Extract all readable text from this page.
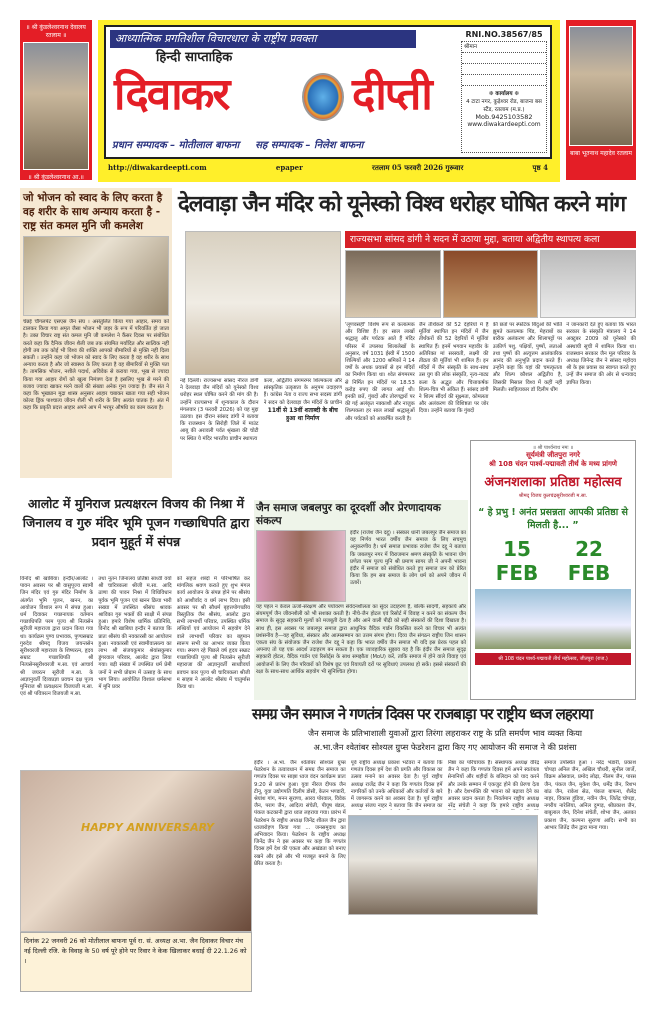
॥ श्री कुंडलेश्वरनाथ देवालय रतलाम ॥
॥ श्री कुंडलेश्वरनाथ आ.॥
आध्यात्मिक प्रगतिशील विचारधारा के राष्ट्रीय प्रवक्ता
हिन्दी साप्ताहिक
दिवाकर	दीप्ती
प्रधान सम्पादक – मोतीलाल बाफना सह सम्पादक – निलेश बाफना
RNI.NO.38567/85
श्रीमान
❉ कार्यालय ❉
4 टाटा नगर, कुड़ेश्वर रोड, बाजना बस स्टैंड, रतलाम (म.प्र.)
Mob.9425103582
www.diwakardeepti.com
http://diwakardeepti.com	epaper	रतलाम 05 फरवरी 2026 गुरूवार	पृष्ठ 4
बाबा भूतनाथ महादेव रतलाम
जो भोजन को स्वाद के लिए करता है वह शरीर के साथ अन्याय करता है - राष्ट्र संत कमल मुनि जी कमलेश
चेन्नई चौगलपेट एसएस जैन संघ । असंतुलित किया गया आहार, समय को टालकर किया गया अमृत जैसा भोजन भी जहर के रूप में परिवर्तित हो जाता है। उक्त विचार राष्ट्र संत कमल मुनि जी कमलेश ने कैंसर दिवस पर संबोधित करते कहा कि दैनिक जीवन शैली जब तक संयमित मर्यादित और सात्विक नहीं होगी तब तक कोई भी विश्व की शक्ति आपको बीमारियों से मुक्ति नहीं दिला सकती । उन्होंने कहा जो भोजन को स्वाद के लिए करता है वह शरीर के साथ अन्याय करता है और जो स्वास्थ्य के लिए करता है वह बीमारियों से मुक्ति पता है। तामसिक भोजन, नशीले पदार्थ, अविवेक से कराया गया, भूख से ज्यादा किया गया आहार रोगों को खुला निमंत्रण देता है इसलिए भूख से मरने की बजाय ज्यादा खाकर मरने वालों की संख्या अनेक गुना ज्यादा है। जैन संत ने कहा कि भूखप्रान मुद्रा शास्त्र अनुसार आहार चबाकर खाता गया सही भोजन कोल्ड ड्रिंक पाश्चात्य जीवन शैली भी शरीर के लिए अत्यंत घातक है। अंत में कहा कि प्रकृति प्रदत्त आहार अपने आप में भरपूर औषधि का काम करता है।
देलवाड़ा जैन मंदिर को यूनेस्को विश्व धरोहर घोषित करने मांग
राज्यसभा सांसद डांगी ने सदन में उठाया मुद्दा, बताया अद्वितीय स्थापत्य कला
'लूणवसही' विशेष रूप से कलात्मक और विशिष्ट हैं। हर साल लाखों श्रद्धालु और पर्यटक आते हैं मंदिर परिसर में उपलब्ध शिलालेखों के अनुसार, वर्ष 1031 ईस्वी में 1500 शिल्पियों और 1200 श्रमिकों ने 14 वर्षों के अथक प्रयासों से इन मंदिरों का निर्माण किया था। श्वेत संगमरमर से निर्मित इन मंदिरों पर 18.53 करोड़ रुपए की लागत आई थी। इनकी छतें, गुंबदों और तोरणद्वारों पर की गई अलंकृत नक्काशी और नाजुक शिल्पकला हर साल लाखों श्रद्धालुओं और पर्यटकों को आकर्षित करती है।
जैन तीर्थंकरों की 52 देहरियों में हैं मूर्तियां स्थापित इन मंदिरों में जैन तीर्थंकरों की 52 देहरियों में मूर्तियां स्थापित हैं। इनमें भगवान महावीर के अतिरिक्त मां सरस्वती, लक्ष्मी की तीव्रता की मूर्तियां भी शामिल हैं। इन मंदिरों में जैन संस्कृति के साथ-साथ उस युग की लोक संस्कृति, नृत्य-नाट्य कला के अद्भुत और चित्ताकर्षक शिल्प-चित्र भी अंकित हैं। सांसद डांगी ने शिल्प सौंदर्य की सूक्ष्मता, कोमलता और अलंकरण की विशिष्टता पर जोर दिया। उन्होंने बताया कि गुंबदों
की छतों पर स्फटिक बिंदुओं की भांति झूमते कलात्मक पिंड, मेहराबों का बारीक अलंकरण और शिलापट्टों पर उत्कीर्ण पशु, पक्षियों, पुष्पों, लताओं तथा पुष्पों की अत्युत्तम आलंकारिक आनंद की अनुभूति प्रदान करते हैं। उन्होंने कहा कि यहां की चमत्कृतता और शिल्प कौशल अद्वितीय है, जिसकी मिसाल विश्व में कहीं नहीं मिलती। साहित्यकार डॉ दिलीप धींग
ने जानकारी देते हुए बताया कि भारत सरकार के संस्कृति मंत्रालय ने 14 अक्टूबर 2009 को यूनेस्को की अस्थायी सूची में शामिल किया था। राजस्थान सरकार जैन मूल परिवार के अध्यक्ष जिनेन्द्र जैन ने सांसद महोदय श्री के इस प्रयास का स्वागत करते हुए उन्हें जैन समाज की ओर से धन्यवाद ज्ञापित किया।
नई दिल्ली। राज्यसभा सांसद नीरज डांगी ने देलवाड़ा जैन मंदिरों को यूनेस्को विश्व धरोहर स्थल घोषित करने की मांग की है। उन्होंने राज्यसभा में शून्यकाल के दौरान मंगलवार (3 फरवरी 2026) को यह मुद्दा उठाया। इस दौरान सांसद डांगी ने बताया कि राजस्थान के सिरोही जिले में माउंट आबू की अरावली पर्वत श्रृंखला की चोटी पर स्थित ये मंदिर भारतीय प्राचीन स्थापत्य
कला, अद्वितीय संगमरमर शिल्पकला और सांस्कृतिक उत्कृष्टता के अनुपम उदाहरण हैं। कांग्रेस नेता व राज्य सभा सदस्य डांगी ने सदन को देलवाड़ा जैन मंदिरों के प्राचीन
11वीं से 13वीं शताब्दी के बीच हुआ था निर्माण
आलोट में मुनिराज प्रत्यक्षरत्न विजय की निश्रा में जिनालय व गुरु मंदिर भूमि पूजन गच्छाधिपति द्वारा प्रदान मुहूर्त में संपन्न
विनोद श्री खाबिया। इन्दौर/आलोट । पावन अवसर पर श्री वासुपूज्य स्वामी जिन मंदिर एवं गुरु मंदिर निर्माण के अंतर्गत भूमि पूजन, खनन, का आयोजन विशाल रूप में संपन्न हुआ। धर्म दिवाकर गच्छनायक वर्तमान गच्छाधिपति परम पूज्य श्री नित्यसेन सूरीजी महाराजा द्वारा प्रदान किया गया था। कार्यक्रम पुण्य प्रभावक, पुण्यसम्राट गुरुदेव श्रीमद् विजय जयन्तसेन सूरीश्वरजी महाराजा के शिष्यरत्न, हृदय सम्राट गच्छाधिपति श्री नित्यसेनसूरीश्वरजी म.सा. एवं आचार्य श्री जयरत्न सूरीजी म.सा. के आज्ञानुवर्ती दिव्यप्रज्ञा प्रवचन दक्ष पूज्य मुनिराज श्री प्रत्यक्षरत्न विजयजी म.सा. एवं श्री पवित्ररत्न विजयजी म.सा.
तथा नूतन जिनालय प्रतिष्ठा साध्वी वर्या श्री चारित्रकला श्रीजी म.सा. आदि ठाणा की पावन निश्रा में विधिविधान पूर्वक भूमि पूजन एवं खनन क्रिया भारी सख्या में उपस्थित श्रीसंघ श्रावक श्राविका गुरु भक्तों की साक्षी में संपन्न हुआ। हमारे विशेष धार्मिक प्रतिनिधि, विनोद श्री खाबिया इन्दौर ने बताया कि प्रातः श्रीसंघ की नवकारसी का आयोजन हुआ। नवकारसी एवं स्वामीवात्सल्य का लाभ श्री संजयकुमार श्रेयांसकुमार डूंगरवाल परिवार, आलोट द्वारा लिया गया। बड़ी संख्या में उपस्थित धर्म प्रेमी जनों ने सभी प्रोग्राम में उत्साह के साथ भाग लिया। आयोजित विशाल धर्मसभा में मुनि प्रवर
को सहज शब्दों में परिभाषित कर मांगलिक श्रवण कराते हुए शुभ मंगल कार्य आयोजन के संपन्न होने पर श्रीसंघ को आशीर्वाद व धर्म लाभ दिया। इसी अवसर पर श्री सौधर्म बृहत्तपोगच्छीय त्रिस्तुतिक जैन श्रीसंघ, आलोट द्वारा सभी लाभार्थी परिवार, उपस्थित धर्मिक लब्धियों एवं आयोजन में सहयोग देने वाले लाभार्थी परिवार का बहुमान स्वरूप सभी का आभार व्यक्त किया गया। स्मरण रहे पिछले वर्ष हृदय सम्राट गच्छाधिपति पूज्य श्री नित्यसेन सूरीजी महाराजा की आज्ञानुवर्ती साध्वीवर्या प्रवचन कार पूज्य श्री चारित्रकला श्रीजी म साहब ने आलोट श्रीसंघ में चातुर्मास किया था।
जैन समाज जबलपुर का दूरदर्शी और प्रेरणादायक संकल्प
इंदौर (राजेश जैन दद्दू) । संस्कार धानी जबलपुर जैन समाज का यह निर्णय भारत वर्षीय जैन समाज के लिए सचमुच अनुकरणीय है। धर्म समाज प्रभावक राजेश जैन दद्दू ने बताया कि जबलपुर नगर में विराजमान श्रमण संस्कृति के भावना योग प्रणेता परम पूज्य मुनि श्री प्रमाण सागर जी ने अपनी भावना इंदौर में समाज को संबोधित करते हुए समाज जन को प्रेरित किया कि हम सब समाज के लोग धर्म को अपने जीवन में उतारें।
यह पहल न केवल ऊर्जा-संरक्षण और पर्यावरण संवेदनशीलता का सुंदर उदाहरण है, बल्कि सादगी, सहकार्य और संयमपूर्ण जैन जीवनशैली को भी सशक्त करती है। नीचे-जैन होटल एवं रिसोर्ट में विवाह न करने का संकल्प जैन समाज के सुदृढ़ सहकारी मूल्यों को मजबूती देता है और आने वाली पीढ़ी को सही संस्कारों की दिशा दिखाता है। साथ ही, इस अवसर पर जबलपुर समाज द्वारा आधुनिक वैदिक गार्डन विकसित करने का विचार भी अत्यंत प्रशंसनीय है—यह सुविधा, संस्कार और आत्मसम्मान का उत्तम संगम होगा। दिव्य जैन संगठन राष्ट्रीय जिन शासन एकता संघ के संयोजक जैन राजेश जैन दद्दू ने कहा कि भारत वर्षीय जैन समाज भी यदि इस प्रेरक पहल को अपनाए तो यह एक आदर्श उदाहरण बन सकता है। एक व्यावहारिक सुझाव यह है कि इंदौर जैन समाज सुदृढ़ सहकारी होटल, वैदिक गार्डन एवं रिसोर्ट्स के साथ समझौता (MoU) करें, ताकि समाज में होने वाले विवाह एवं आयोजनों के लिए जैन परिवारों को विशेष छूट एवं रियायती दरों पर सुविधाएं उपलब्ध हो सकें। इससे संस्कारों की रक्षा के साथ-साथ आर्थिक सहयोग भी सुनिश्चित होगा।
॥ श्री पार्श्वनाथ नमः ॥
सूर्यमंत्री जीतपुरा नगरे
श्री 108 चंदन पार्श्व-पद्मावती तीर्थ के मध्य प्रांगणे
अंजनशलाका प्रतिष्ठा महोत्सव
श्रीमद् विजय कुलचंद्रसूरीश्वरजी म.सा.
“ हे प्रभु ! अनंत प्रसन्नता आपकी प्रतिष्ठा से मिलती है... ”
15 FEB
22 FEB
श्री 108 चंदन पार्श्व-पद्मावती तीर्थ महोत्सव, जीतपुरा (राज.)
समग्र जैन समाज ने गणतंत्र दिवस पर राजबाड़ा पर राष्ट्रीय ध्वज लहराया
जैन समाज के प्रतिभाशाली युवाओं द्वारा तिरंगा लहराकर राष्ट्र के प्रति समर्पण भाव व्यक्त किया
अ.भा.जैन श्वेतांबर सोश्यल ग्रुप्स फेडरेशन द्वारा किए गए आयोजन की समाज ने की प्रशंसा
इंदौर । अ.भा. जैन श्वेतांबर सोश्यल ग्रुप्स फेडरेशन के तत्वावधान में समग्र जैन समाज का गणतंत्र दिवस पर साझा ध्वज वंदन कार्यक्रम प्रातः 9:20 से प्रारंभ हुआ। युवा नीरज दीपक जैन टीनू, युवा उद्योगपति दिलीप डोसी, केतन भण्डारी, श्रेयांश गांग, मनन सुराणा, आरव पोरवाल, विवेक जैन, पराग जैन, आदित्य संचेती, पीयूष बंडल, पंकज कटकानी द्वारा ध्वज लहराया गया। प्रारंभ में फेडरेशन के राष्ट्रीय अध्यक्ष जिनेंद्र शीतल जैन द्वारा ध्वजारोहण किया गया ... जनसमुदाय का अभिवादन किया। फेडरेशन के राष्ट्रीय अध्यक्ष जिनेंद्र जैन ने इस अवसर पर कहा कि गणतंत्र दिवस हमें देश की एकता और अखंडता को बनाए रखने और इसे और भी मजबूत बनाने के लिए प्रेरित करता है।
पूर्व राष्ट्रीय अध्यक्ष प्रकाश भटेवरा ने बताया कि गणतंत्र दिवस हमें देश की प्रगति और विकास का उत्सव मनाने का अवसर देता है। पूर्व राष्ट्रीय अध्यक्ष राजेंद्र जैन ने कहा कि गणतंत्र दिवस हमें नागरिकों को उनके अधिकारों और कर्तव्यों के बारे में जागरूक करने का अवसर देता है। पूर्व राष्ट्रीय अध्यक्ष संजय नाहर ने बताया कि जैन समाज का
निष्ठा का परिचायक है। संस्थापक अध्यक्ष वीरेंद्र जैन ने कहा कि गणतंत्र दिवस हमें अपने स्वतंत्रता सेनानियों और शहीदों के बलिदान को याद करने और उनके सम्मान में एकजुट होने की प्रेरणा देता है। और देशभक्ति की भावना को बढ़ावा देने का अवसर प्रदान करता है। निवर्तमान राष्ट्रीय अध्यक्ष नरेंद्र संचेती ने कहा कि हमारे राष्ट्रीय अध्यक्ष
समाज उपस्थित हुआ । नरेंद्र भंडारी, प्रकाश चोपड़ा अनिल जैन, अखिल चौधरी, सुनील जार्जे, विक्रम ओसवाल, प्रमोद लोढ़ा, नीलम जैन, पारस जैन, पंकज जैन, मुकेश जैन, धर्मेंद्र जैन, रिशभ बांठ जैन, राकेश सेठ, पंकज बाफना, शैलेंद्र नाहर, विकास हुंडिया, नवीन जैन, जितेंद्र चोपड़ा, नगरीय नारेलिया, अनिल दुग्गड़, श्रीप्रकाश जैन, बाबूलाल जैन, दिनेश संचेती, शोभा जैन, अलका प्रकाश जैन, कल्पना सुराणा आदि। सभी का आभार जितेंद्र जैन द्वारा माना गया।
HAPPY ANNIVERSARY
दिनांक 22 जनवरी 26 को मोतीलाल बाफना पूर्व रा. सं. अध्यक्ष अ.भा. जैन दिवाकर विचार मंच नई दिल्ली रजि. के विवाह के 50 वर्ष पूरे होने पर रिवार ने केक खिलाकर बधाई दी 22.1.26 को ।
